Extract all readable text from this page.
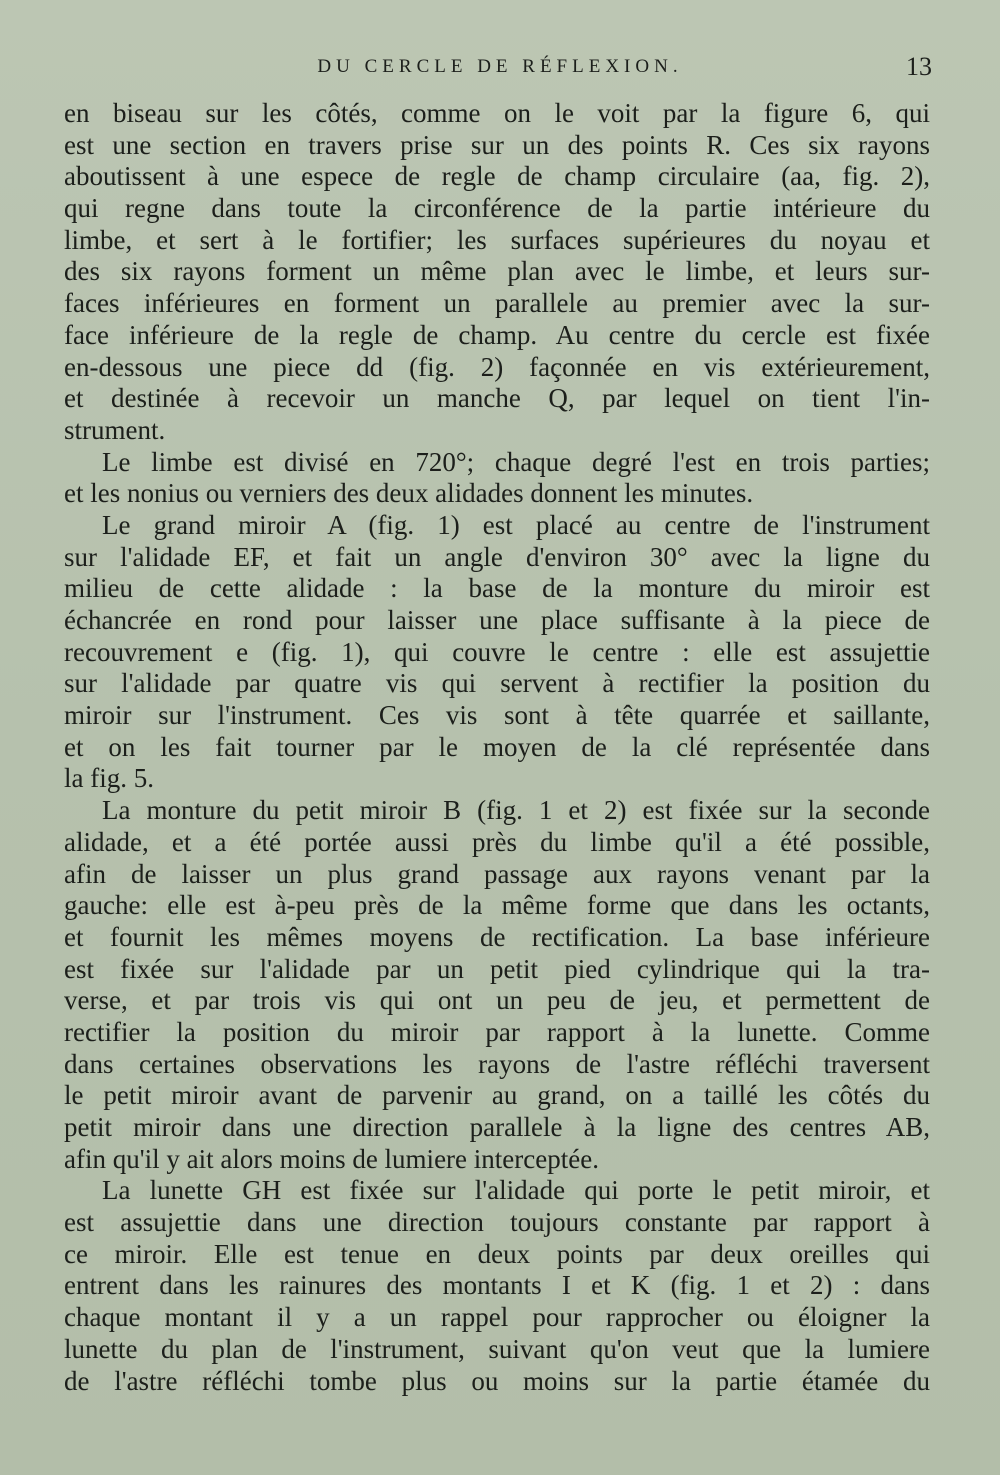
DU CERCLE DE RÉFLEXION.	13
en biseau sur les côtés, comme on le voit par la figure 6, qui
est une section en travers prise sur un des points R. Ces six rayons
aboutissent à une espece de regle de champ circulaire (aa, fig. 2),
qui regne dans toute la circonférence de la partie intérieure du
limbe, et sert à le fortifier; les surfaces supérieures du noyau et
des six rayons forment un même plan avec le limbe, et leurs sur-
faces inférieures en forment un parallele au premier avec la sur-
face inférieure de la regle de champ. Au centre du cercle est fixée
en-dessous une piece dd (fig. 2) façonnée en vis extérieurement,
et destinée à recevoir un manche Q, par lequel on tient l'in-
strument.
Le limbe est divisé en 720°; chaque degré l'est en trois parties;
et les nonius ou verniers des deux alidades donnent les minutes.
Le grand miroir A (fig. 1) est placé au centre de l'instrument
sur l'alidade EF, et fait un angle d'environ 30° avec la ligne du
milieu de cette alidade : la base de la monture du miroir est
échancrée en rond pour laisser une place suffisante à la piece de
recouvrement e (fig. 1), qui couvre le centre : elle est assujettie
sur l'alidade par quatre vis qui servent à rectifier la position du
miroir sur l'instrument. Ces vis sont à tête quarrée et saillante,
et on les fait tourner par le moyen de la clé représentée dans
la fig. 5.
La monture du petit miroir B (fig. 1 et 2) est fixée sur la seconde
alidade, et a été portée aussi près du limbe qu'il a été possible,
afin de laisser un plus grand passage aux rayons venant par la
gauche: elle est à-peu près de la même forme que dans les octants,
et fournit les mêmes moyens de rectification. La base inférieure
est fixée sur l'alidade par un petit pied cylindrique qui la tra-
verse, et par trois vis qui ont un peu de jeu, et permettent de
rectifier la position du miroir par rapport à la lunette. Comme
dans certaines observations les rayons de l'astre réfléchi traversent
le petit miroir avant de parvenir au grand, on a taillé les côtés du
petit miroir dans une direction parallele à la ligne des centres AB,
afin qu'il y ait alors moins de lumiere interceptée.
La lunette GH est fixée sur l'alidade qui porte le petit miroir, et
est assujettie dans une direction toujours constante par rapport à
ce miroir. Elle est tenue en deux points par deux oreilles qui
entrent dans les rainures des montants I et K (fig. 1 et 2) : dans
chaque montant il y a un rappel pour rapprocher ou éloigner la
lunette du plan de l'instrument, suivant qu'on veut que la lumiere
de l'astre réfléchi tombe plus ou moins sur la partie étamée du
